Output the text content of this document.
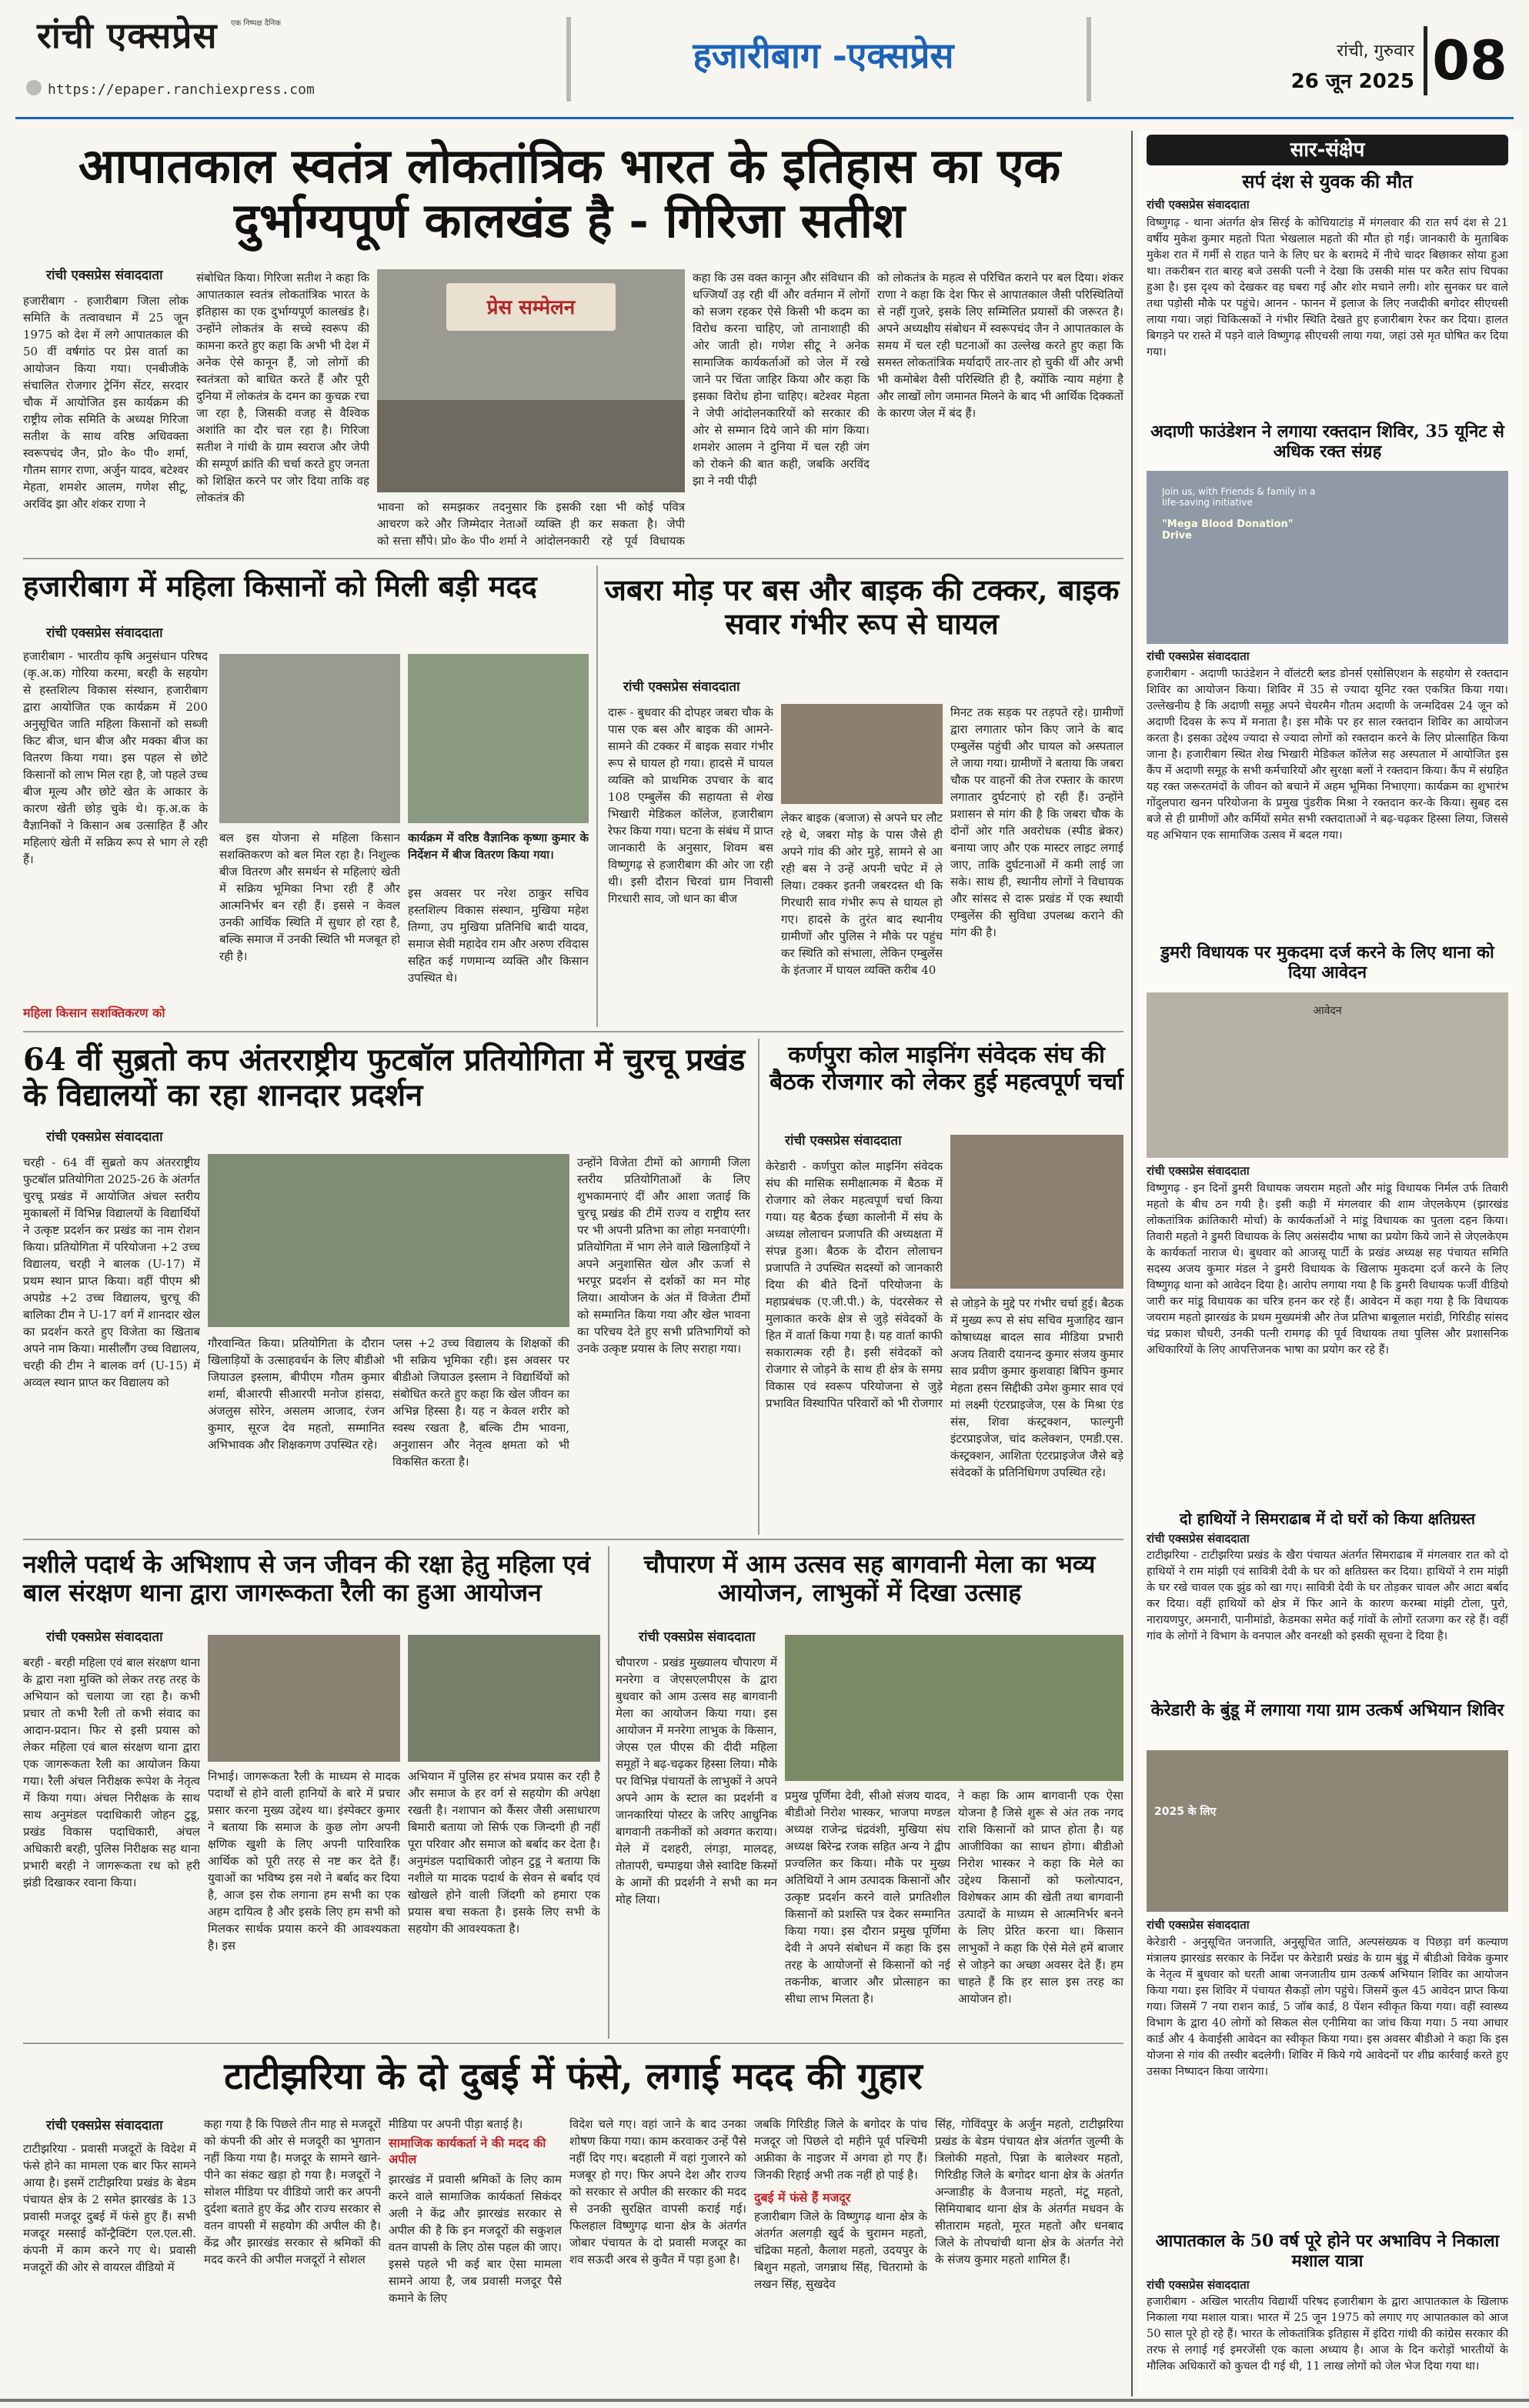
रांची एक्सप्रेस एक निष्पक्ष दैनिक
https://epaper.ranchiexpress.com
हजारीबाग -एक्सप्रेस	रांची, गुरुवार
26 जून 2025 08
आपातकाल स्वतंत्र लोकतांत्रिक भारत के इतिहास का एक दुर्भाग्यपूर्ण कालखंड है - गिरिजा सतीश
रांची एक्सप्रेस संवाददाता
हजारीबाग - हजारीबाग जिला लोक समिति के तत्वावधान में 25 जून 1975 को देश में लगे आपातकाल की 50 वीं वर्षगांठ पर प्रेस वार्ता का आयोजन किया गया। एनबीजीके संचालित रोजगार ट्रेनिंग सेंटर, सरदार चौक में आयोजित इस कार्यक्रम की राष्ट्रीय लोक समिति के अध्यक्ष गिरिजा सतीश के साथ वरिष्ठ अधिवक्ता स्वरूपचंद जैन, प्रो० के० पी० शर्मा, गौतम सागर राणा, अर्जुन यादव, बटेश्वर मेहता, शमशेर आलम, गणेश सीटू, अरविंद झा और शंकर राणा ने
संबोधित किया। गिरिजा सतीश ने कहा कि आपातकाल स्वतंत्र लोकतांत्रिक भारत के इतिहास का एक दुर्भाग्यपूर्ण कालखंड है। उन्होंने लोकतंत्र के सच्चे स्वरूप की कामना करते हुए कहा कि अभी भी देश में अनेक ऐसे कानून हैं, जो लोगों की स्वतंत्रता को बाधित करते हैं और पूरी दुनिया में लोकतंत्र के दमन का कुचक्र रचा जा रहा है, जिसकी वजह से वैश्विक अशांति का दौर चल रहा है। गिरिजा सतीश ने गांधी के ग्राम स्वराज और जेपी की सम्पूर्ण क्रांति की चर्चा करते हुए जनता को शिक्षित करने पर जोर दिया ताकि वह लोकतंत्र की
प्रेस सम्मेलन
भावना को समझकर तदनुसार आचरण करे और जिम्मेदार नेताओं को सत्ता सौंपे। प्रो० के० पी० शर्मा ने
कि इसकी रक्षा भी कोई पवित्र व्यक्ति ही कर सकता है। जेपी आंदोलनकारी रहे पूर्व विधायक
कहा कि उस वक्त कानून और संविधान की धज्जियाँ उड़ रही थीं और वर्तमान में लोगों को सजग रहकर ऐसे किसी भी कदम का विरोध करना चाहिए, जो तानाशाही की ओर जाती हो। गणेश सीटू ने अनेक सामाजिक कार्यकर्ताओं को जेल में रखे जाने पर चिंता जाहिर किया और कहा कि इसका विरोध होना चाहिए। बटेश्वर मेहता ने जेपी आंदोलनकारियों को सरकार की ओर से सम्मान दिये जाने की मांग किया। शमशेर आलम ने दुनिया में चल रही जंग को रोकने की बात कही, जबकि अरविंद झा ने नयी पीढ़ी
को लोकतंत्र के महत्व से परिचित कराने पर बल दिया। शंकर राणा ने कहा कि देश फिर से आपातकाल जैसी परिस्थितियों से नहीं गुजरे, इसके लिए सम्मिलित प्रयासों की जरूरत है। अपने अध्यक्षीय संबोधन में स्वरूपचंद जैन ने आपातकाल के समय में चल रही घटनाओं का उल्लेख करते हुए कहा कि समस्त लोकतांत्रिक मर्यादाएँ तार-तार हो चुकी थीं और अभी भी कमोबेश वैसी परिस्थिति ही है, क्योंकि न्याय महंगा है और लाखों लोग जमानत मिलने के बाद भी आर्थिक दिक्कतों के कारण जेल में बंद हैं।
हजारीबाग में महिला किसानों को मिली बड़ी मदद
रांची एक्सप्रेस संवाददाता
हजारीबाग - भारतीय कृषि अनुसंधान परिषद (कृ.अ.क) गोरिया करमा, बरही के सहयोग से हस्तशिल्प विकास संस्थान, हजारीबाग द्वारा आयोजित एक कार्यक्रम में 200 अनुसूचित जाति महिला किसानों को सब्जी किट बीज, धान बीज और मक्का बीज का वितरण किया गया। इस पहल से छोटे किसानों को लाभ मिल रहा है, जो पहले उच्च बीज मूल्य और छोटे खेत के आकार के कारण खेती छोड़ चुके थे। कृ.अ.क के वैज्ञानिकों ने किसान अब उत्साहित हैं और महिलाएं खेती में सक्रिय रूप से भाग ले रही हैं।
महिला किसान सशक्तिकरण को
बल इस योजना से महिला किसान सशक्तिकरण को बल मिल रहा है। निशुल्क बीज वितरण और समर्थन से महिलाएं खेती में सक्रिय भूमिका निभा रही हैं और आत्मनिर्भर बन रही हैं। इससे न केवल उनकी आर्थिक स्थिति में सुधार हो रहा है, बल्कि समाज में उनकी स्थिति भी मजबूत हो रही है।
कार्यक्रम में वरिष्ठ वैज्ञानिक कृष्णा कुमार के निर्देशन में बीज वितरण किया गया।
इस अवसर पर नरेश ठाकुर सचिव हस्तशिल्प विकास संस्थान, मुखिया महेश तिग्गा, उप मुखिया प्रतिनिधि बादी यादव, समाज सेवी महादेव राम और अरुण रविदास सहित कई गणमान्य व्यक्ति और किसान उपस्थित थे।
जबरा मोड़ पर बस और बाइक की टक्कर, बाइक सवार गंभीर रूप से घायल
रांची एक्सप्रेस संवाददाता
दारू - बुधवार की दोपहर जबरा चौक के पास एक बस और बाइक की आमने-सामने की टक्कर में बाइक सवार गंभीर रूप से घायल हो गया। हादसे में घायल व्यक्ति को प्राथमिक उपचार के बाद 108 एम्बुलेंस की सहायता से शेख भिखारी मेडिकल कॉलेज, हजारीबाग रेफर किया गया। घटना के संबंध में प्राप्त जानकारी के अनुसार, शिवम बस विष्णुगढ़ से हजारीबाग की ओर जा रही थी। इसी दौरान चिरवां ग्राम निवासी गिरधारी साव, जो धान का बीज
लेकर बाइक (बजाज) से अपने घर लौट रहे थे, जबरा मोड़ के पास जैसे ही अपने गांव की ओर मुड़े, सामने से आ रही बस ने उन्हें अपनी चपेट में ले लिया। टक्कर इतनी जबरदस्त थी कि गिरधारी साव गंभीर रूप से घायल हो गए। हादसे के तुरंत बाद स्थानीय ग्रामीणों और पुलिस ने मौके पर पहुंच कर स्थिति को संभाला, लेकिन एम्बुलेंस के इंतजार में घायल व्यक्ति करीब 40
मिनट तक सड़क पर तड़पते रहे। ग्रामीणों द्वारा लगातार फोन किए जाने के बाद एम्बुलेंस पहुंची और घायल को अस्पताल ले जाया गया। ग्रामीणों ने बताया कि जबरा चौक पर वाहनों की तेज रफ्तार के कारण लगातार दुर्घटनाएं हो रही हैं। उन्होंने प्रशासन से मांग की है कि जबरा चौक के दोनों ओर गति अवरोधक (स्पीड ब्रेकर) बनाया जाए और एक मास्टर लाइट लगाई जाए, ताकि दुर्घटनाओं में कमी लाई जा सके। साथ ही, स्थानीय लोगों ने विधायक और सांसद से दारू प्रखंड में एक स्थायी एम्बुलेंस की सुविधा उपलब्ध कराने की मांग की है।
64 वीं सुब्रतो कप अंतरराष्ट्रीय फुटबॉल प्रतियोगिता में चुरचू प्रखंड के विद्यालयों का रहा शानदार प्रदर्शन
रांची एक्सप्रेस संवाददाता
चरही - 64 वीं सुब्रतो कप अंतरराष्ट्रीय फुटबॉल प्रतियोगिता 2025-26 के अंतर्गत चुरचू प्रखंड में आयोजित अंचल स्तरीय मुकाबलों में विभिन्न विद्यालयों के विद्यार्थियों ने उत्कृष्ट प्रदर्शन कर प्रखंड का नाम रोशन किया। प्रतियोगिता में परियोजना +2 उच्च विद्यालय, चरही ने बालक (U-17) में प्रथम स्थान प्राप्त किया। वहीं पीएम श्री अपग्रेड +2 उच्च विद्यालय, चुरचू की बालिका टीम ने U-17 वर्ग में शानदार खेल का प्रदर्शन करते हुए विजेता का खिताब अपने नाम किया। मासीलौंग उच्च विद्यालय, चरही की टीम ने बालक वर्ग (U-15) में अव्वल स्थान प्राप्त कर विद्यालय को
गौरवान्वित किया। प्रतियोगिता के दौरान खिलाड़ियों के उत्साहवर्धन के लिए बीडीओ जियाउल इस्लाम, बीपीएम गौतम कुमार शर्मा, बीआरपी सीआरपी मनोज हांसदा, अंजलुस सोरेन, असलम आजाद, रंजन कुमार, सूरज देव महतो, सम्मानित अभिभावक और शिक्षकगण उपस्थित रहे।
प्लस +2 उच्च विद्यालय के शिक्षकों की भी सक्रिय भूमिका रही। इस अवसर पर बीडीओ जियाउल इस्लाम ने विद्यार्थियों को संबोधित करते हुए कहा कि खेल जीवन का अभिन्न हिस्सा है। यह न केवल शरीर को स्वस्थ रखता है, बल्कि टीम भावना, अनुशासन और नेतृत्व क्षमता को भी विकसित करता है।
उन्होंने विजेता टीमों को आगामी जिला स्तरीय प्रतियोगिताओं के लिए शुभकामनाएं दीं और आशा जताई कि चुरचू प्रखंड की टीमें राज्य व राष्ट्रीय स्तर पर भी अपनी प्रतिभा का लोहा मनवाएंगी। प्रतियोगिता में भाग लेने वाले खिलाड़ियों ने अपने अनुशासित खेल और ऊर्जा से भरपूर प्रदर्शन से दर्शकों का मन मोह लिया। आयोजन के अंत में विजेता टीमों को सम्मानित किया गया और खेल भावना का परिचय देते हुए सभी प्रतिभागियों को उनके उत्कृष्ट प्रयास के लिए सराहा गया।
कर्णपुरा कोल माइनिंग संवेदक संघ की बैठक रोजगार को लेकर हुई महत्वपूर्ण चर्चा
रांची एक्सप्रेस संवाददाता
केरेडारी - कर्णपुरा कोल माइनिंग संवेदक संघ की मासिक समीक्षात्मक में बैठक में रोजगार को लेकर महत्वपूर्ण चर्चा किया गया। यह बैठक ईच्छा कालोनी में संघ के अध्यक्ष लोलाचन प्रजापति की अध्यक्षता में संपन्न हुआ। बैठक के दौरान लोलाचन प्रजापति ने उपस्थित सदस्यों को जानकारी दिया की बीते दिनों परियोजना के महाप्रबंधक (ए.जी.पी.) के, पंदरसेकर से मुलाकात करके क्षेत्र से जुड़े संवेदकों के हित में वार्ता किया गया है। यह वार्ता काफी सकारात्मक रही है। इसी संवेदकों को रोजगार से जोड़ने के साथ ही क्षेत्र के समग्र विकास एवं स्वरूप परियोजना से जुड़े प्रभावित विस्थापित परिवारों को भी रोजगार
से जोड़ने के मुद्दे पर गंभीर चर्चा हुई। बैठक में मुख्य रूप से संघ सचिव मुजाहिद खान कोषाध्यक्ष बादल साव मीडिया प्रभारी अजय तिवारी दयानन्द कुमार संजय कुमार साव प्रवीण कुमार कुशवाहा बिपिन कुमार मेहता हसन सिद्दीकी उमेश कुमार साव एवं मां लक्ष्मी एंटरप्राइजेज, एस के मिश्रा एंड संस, शिवा कंस्ट्रक्शन, फाल्गुनी इंटरप्राइजेज, चांद कलेक्शन, एमडी.एस. कंस्ट्रक्शन, आशिता एंटरप्राइजेज जैसे बड़े संवेदकों के प्रतिनिधिगण उपस्थित रहे।
नशीले पदार्थ के अभिशाप से जन जीवन की रक्षा हेतु महिला एवं बाल संरक्षण थाना द्वारा जागरूकता रैली का हुआ आयोजन
रांची एक्सप्रेस संवाददाता
बरही - बरही महिला एवं बाल संरक्षण थाना के द्वारा नशा मुक्ति को लेकर तरह तरह के अभियान को चलाया जा रहा है। कभी प्रचार तो कभी रैली तो कभी संवाद का आदान-प्रदान। फिर से इसी प्रयास को लेकर महिला एवं बाल संरक्षण थाना द्वारा एक जागरूकता रैली का आयोजन किया गया। रैली अंचल निरीक्षक रूपेश के नेतृत्व में किया गया। अंचल निरीक्षक के साथ साथ अनुमंडल पदाधिकारी जोहन टुडू, प्रखंड विकास पदाधिकारी, अंचल अधिकारी बरही, पुलिस निरीक्षक सह थाना प्रभारी बरही ने जागरूकता रथ को हरी झंडी दिखाकर रवाना किया।
निभाई। जागरूकता रैली के माध्यम से मादक पदार्थों से होने वाली हानियों के बारे में प्रचार प्रसार करना मुख्य उद्देश्य था। इंस्पेक्टर कुमार ने बताया कि समाज के कुछ लोग अपनी क्षणिक खुशी के लिए अपनी पारिवारिक आर्थिक को पूरी तरह से नष्ट कर देते हैं। युवाओं का भविष्य इस नशे ने बर्बाद कर दिया है, आज इस रोक लगाना हम सभी का एक अहम दायित्व है और इसके लिए हम सभी को मिलकर सार्थक प्रयास करने की आवश्यकता है। इस
अभियान में पुलिस हर संभव प्रयास कर रही है और समाज के हर वर्ग से सहयोग की अपेक्षा रखती है। नशापान को कैंसर जैसी असाधारण बिमारी बताया जो सिर्फ एक जिन्दगी ही नहीं पूरा परिवार और समाज को बर्बाद कर देता है। अनुमंडल पदाधिकारी जोहन टुडू ने बताया कि नशीले या मादक पदार्थ के सेवन से बर्बाद एवं खोखले होने वाली जिंदगी को हमारा एक प्रयास बचा सकता है। इसके लिए सभी के सहयोग की आवश्यकता है।
चौपारण में आम उत्सव सह बागवानी मेला का भव्य आयोजन, लाभुकों में दिखा उत्साह
रांची एक्सप्रेस संवाददाता
चौपारण - प्रखंड मुख्यालय चौपारण में मनरेगा व जेएसएलपीएस के द्वारा बुधवार को आम उत्सव सह बागवानी मेला का आयोजन किया गया। इस आयोजन में मनरेगा लाभुक के किसान, जेएस एल पीएस की दीदी महिला समूहों ने बढ़-चढ़कर हिस्सा लिया। मौके पर विभिन्न पंचायतों के लाभुकों ने अपने अपने आम के स्टाल का प्रदर्शनी व जानकारियां पोस्टर के जरिए आधुनिक बागवानी तकनीकों को अवगत कराया। मेले में दशहरी, लंगड़ा, मालदह, तोतापरी, चम्पाइया जैसे स्वादिष्ट किस्मों के आमों की प्रदर्शनी ने सभी का मन मोह लिया।
प्रमुख पूर्णिमा देवी, सीओ संजय यादव, बीडीओ निरोश भास्कर, भाजपा मण्डल अध्यक्ष राजेन्द्र चंद्रवंशी, मुखिया संघ अध्यक्ष बिरेन्द्र रजक सहित अन्य ने द्वीप प्रज्वलित कर किया। मौके पर मुख्य अतिथियों ने आम उत्पादक किसानों और उत्कृष्ट प्रदर्शन करने वाले प्रगतिशील किसानों को प्रशस्ति पत्र देकर सम्मानित किया गया। इस दौरान प्रमुख पूर्णिमा देवी ने अपने संबोधन में कहा कि इस तरह के आयोजनों से किसानों को नई तकनीक, बाजार और प्रोत्साहन का सीधा लाभ मिलता है।
ने कहा कि आम बागवानी एक ऐसा योजना है जिसे शुरू से अंत तक नगद राशि किसानों को प्राप्त होता है। यह आजीविका का साधन होगा। बीडीओ निरोश भास्कर ने कहा कि मेले का उद्देश्य किसानों को फलोत्पादन, विशेषकर आम की खेती तथा बागवानी उत्पादों के माध्यम से आत्मनिर्भर बनने के लिए प्रेरित करना था। किसान लाभुकों ने कहा कि ऐसे मेले हमें बाजार से जोड़ने का अच्छा अवसर देते हैं। हम चाहते हैं कि हर साल इस तरह का आयोजन हो।
टाटीझरिया के दो दुबई में फंसे, लगाई मदद की गुहार
रांची एक्सप्रेस संवाददाता
टाटीझरिया - प्रवासी मजदूरों के विदेश में फंसे होने का मामला एक बार फिर सामने आया है। इसमें टाटीझरिया प्रखंड के बेडम पंचायत क्षेत्र के 2 समेत झारखंड के 13 प्रवासी मजदूर दुबई में फंसे हुए हैं। सभी मजदूर मस्साई कॉन्ट्रैक्टिंग एल.एल.सी. कंपनी में काम करने गए थे। प्रवासी मजदूरों की ओर से वायरल वीडियो में
कहा गया है कि पिछले तीन माह से मजदूरों को कंपनी की ओर से मजदूरी का भुगतान नहीं किया गया है। मजदूर के सामने खाने-पीने का संकट खड़ा हो गया है। मजदूरों ने सोशल मीडिया पर वीडियो जारी कर अपनी दुर्दशा बताते हुए केंद्र और राज्य सरकार से वतन वापसी में सहयोग की अपील की है। केंद्र और झारखंड सरकार से श्रमिकों की मदद करने की अपील मजदूरों ने सोशल
मीडिया पर अपनी पीड़ा बताई है।
सामाजिक कार्यकर्ता ने की मदद की अपील
झारखंड में प्रवासी श्रमिकों के लिए काम करने वाले सामाजिक कार्यकर्ता सिकंदर अली ने केंद्र और झारखंड सरकार से अपील की है कि इन मजदूरों की सकुशल वतन वापसी के लिए ठोस पहल की जाए। इससे पहले भी कई बार ऐसा मामला सामने आया है, जब प्रवासी मजदूर पैसे कमाने के लिए
विदेश चले गए। वहां जाने के बाद उनका शोषण किया गया। काम करवाकर उन्हें पैसे नहीं दिए गए। बदहाली में वहां गुजारने को मजबूर हो गए। फिर अपने देश और राज्य को सरकार से अपील की सरकार की मदद से उनकी सुरक्षित वापसी कराई गई। फिलहाल विष्णुगढ़ थाना क्षेत्र के अंतर्गत जोबार पंचायत के दो प्रवासी मजदूर का शव सऊदी अरब से कुवैत में पड़ा हुआ है।
जबकि गिरिडीह जिले के बगोदर के पांच मजदूर जो पिछले दो महीने पूर्व पश्चिमी अफ्रीका के नाइजर में अगवा हो गए हैं। जिनकी रिहाई अभी तक नहीं हो पाई है।
दुबई में फंसे हैं मजदूर
हजारीबाग जिले के विष्णुगढ़ थाना क्षेत्र के अंतर्गत अलगड़ी खुर्द के चुरामन महतो, चंद्रिका महतो, कैलाश महतो, उदयपुर के बिशुन महतो, जगन्नाथ सिंह, चितरामो के लखन सिंह, सुखदेव
सिंह, गोविंदपुर के अर्जुन महतो, टाटीझरिया प्रखंड के बेडम पंचायत क्षेत्र अंतर्गत जुल्मी के त्रिलोकी महतो, पिन्ना के बालेश्वर महतो, गिरिडीह जिले के बगोदर थाना क्षेत्र के अंतर्गत अन्जाडीह के वैजनाथ महतो, मंटू महतो, सिमियाबाद थाना क्षेत्र के अंतर्गत मधवन के सीताराम महतो, मूरत महतो और धनबाद जिले के तोपचांची थाना क्षेत्र के अंतर्गत नेरो के संजय कुमार महतो शामिल हैं।
सार-संक्षेप
सर्प दंश से युवक की मौत
रांची एक्सप्रेस संवाददाता
विष्णुगढ़ - थाना अंतर्गत क्षेत्र सिरई के कोचियाटांड़ में मंगलवार की रात सर्प दंश से 21 वर्षीय मुकेश कुमार महतो पिता भेखलाल महतो की मौत हो गई। जानकारी के मुताबिक मुकेश रात में गर्मी से राहत पाने के लिए घर के बरामदे में नीचे चादर बिछाकर सोया हुआ था। तकरीबन रात बारह बजे उसकी पत्नी ने देखा कि उसकी मांस पर करैत सांप चिपका हुआ है। इस दृश्य को देखकर वह घबरा गई और शोर मचाने लगी। शोर सुनकर घर वाले तथा पड़ोसी मौके पर पहुंचे। आनन - फानन में इलाज के लिए नजदीकी बगोदर सीएचसी लाया गया। जहां चिकित्सकों ने गंभीर स्थिति देखते हुए हजारीबाग रेफर कर दिया। हालत बिगड़ने पर रास्ते में पड़ने वाले विष्णुगढ़ सीएचसी लाया गया, जहां उसे मृत घोषित कर दिया गया।
अदाणी फाउंडेशन ने लगाया रक्तदान शिविर, 35 यूनिट से अधिक रक्त संग्रह
Join us, with Friends & family in a life-saving initiative
"Mega Blood Donation" Drive
रांची एक्सप्रेस संवाददाता
हजारीबाग - अदाणी फाउंडेशन ने वॉलंटरी ब्लड डोनर्स एसोसिएशन के सहयोग से रक्तदान शिविर का आयोजन किया। शिविर में 35 से ज्यादा यूनिट रक्त एकत्रित किया गया। उल्लेखनीय है कि अदाणी समूह अपने चेयरमैन गौतम अदाणी के जन्मदिवस 24 जून को अदाणी दिवस के रूप में मनाता है। इस मौके पर हर साल रक्तदान शिविर का आयोजन करता है। इसका उद्देश्य ज्यादा से ज्यादा लोगों को रक्तदान करने के लिए प्रोत्साहित किया जाना है। हजारीबाग स्थित शेख भिखारी मेडिकल कॉलेज सह अस्पताल में आयोजित इस कैंप में अदाणी समूह के सभी कर्मचारियों और सुरक्षा बलों ने रक्तदान किया। कैंप में संग्रहित यह रक्त जरूरतमंदों के जीवन को बचाने में अहम भूमिका निभाएगा। कार्यक्रम का शुभारंभ गोंदुलपारा खनन परियोजना के प्रमुख पुंडरीक मिश्रा ने रक्तदान कर-के किया। सुबह दस बजे से ही ग्रामीणों और कर्मियों समेत सभी रक्तदाताओं ने बढ़-चढ़कर हिस्सा लिया, जिससे यह अभियान एक सामाजिक उत्सव में बदल गया।
डुमरी विधायक पर मुकदमा दर्ज करने के लिए थाना को दिया आवेदन
आवेदन
रांची एक्सप्रेस संवाददाता
विष्णुगढ़ - इन दिनों डुमरी विधायक जयराम महतो और मांडू विधायक निर्मल उर्फ तिवारी महतो के बीच ठन गयी है। इसी कड़ी में मंगलवार की शाम जेएलकेएम (झारखंड लोकतांत्रिक क्रांतिकारी मोर्चा) के कार्यकर्ताओं ने मांडू विधायक का पुतला दहन किया। तिवारी महतो ने डुमरी विधायक के लिए असंसदीय भाषा का प्रयोग किये जाने से जेएलकेएम के कार्यकर्ता नाराज थे। बुधवार को आजसू पार्टी के प्रखंड अध्यक्ष सह पंचायत समिति सदस्य अजय कुमार मंडल ने डुमरी विधायक के खिलाफ मुकदमा दर्ज करने के लिए विष्णुगढ़ थाना को आवेदन दिया है। आरोप लगाया गया है कि डुमरी विधायक फर्जी वीडियो जारी कर मांडू विधायक का चरित्र हनन कर रहे हैं। आवेदन में कहा गया है कि विधायक जयराम महतो झारखंड के प्रथम मुख्यमंत्री और तेज प्रतिभा बाबूलाल मरांडी, गिरिडीह सांसद चंद्र प्रकाश चौधरी, उनकी पत्नी रामगढ़ की पूर्व विधायक तथा पुलिस और प्रशासनिक अधिकारियों के लिए आपत्तिजनक भाषा का प्रयोग कर रहे हैं।
दो हाथियों ने सिमराढाब में दो घरों को किया क्षतिग्रस्त
रांची एक्सप्रेस संवाददाता
टाटीझरिया - टाटीझरिया प्रखंड के खैरा पंचायत अंतर्गत सिमराढाब में मंगलवार रात को दो हाथियों ने राम मांझी एवं सावित्री देवी के घर को क्षतिग्रस्त कर दिया। हाथियों ने राम मांझी के घर रखे चावल एक झुंड को खा गए। सावित्री देवी के घर तोड़कर चावल और आटा बर्बाद कर दिया। वहीं हाथियों को क्षेत्र में फिर आने के कारण करम्बा मांझी टोला, पुरो, नारायणपुर, अमनारी, पानीमांडो, केडमका समेत कई गांवों के लोगों रतजगा कर रहे हैं। वहीं गांव के लोगों ने विभाग के वनपाल और वनरक्षी को इसकी सूचना दे दिया है।
केरेडारी के बुंडू में लगाया गया ग्राम उत्कर्ष अभियान शिविर
2025 के लिए
रांची एक्सप्रेस संवाददाता
केरेडारी - अनुसूचित जनजाति, अनुसूचित जाति, अल्पसंख्यक व पिछड़ा वर्ग कल्याण मंत्रालय झारखंड सरकार के निर्देश पर केरेडारी प्रखंड के ग्राम बुंडू में बीडीओ विवेक कुमार के नेतृत्व में बुधवार को धरती आबा जनजातीय ग्राम उत्कर्ष अभियान शिविर का आयोजन किया गया। इस शिविर में पंचायत सैकड़ों लोग पहुंचे। जिसमें कुल 45 आवेदन प्राप्त किया गया। जिसमें 7 नया राशन कार्ड, 5 जॉब कार्ड, 8 पेंशन स्वीकृत किया गया। वहीं स्वास्थ्य विभाग के द्वारा 40 लोगों को सिकल सेल एनीमिया का जांच किया गया। 5 नया आधार कार्ड और 4 केवाईसी आवेदन का स्वीकृत किया गया। इस अवसर बीडीओ ने कहा कि इस योजना से गांव की तस्वीर बदलेगी। शिविर में किये गये आवेदनों पर शीघ्र कार्रवाई करते हुए उसका निष्पादन किया जायेगा।
आपातकाल के 50 वर्ष पूरे होने पर अभाविप ने निकाला मशाल यात्रा
रांची एक्सप्रेस संवाददाता
हजारीबाग - अखिल भारतीय विद्यार्थी परिषद हजारीबाग के द्वारा आपातकाल के खिलाफ निकाला गया मशाल यात्रा। भारत में 25 जून 1975 को लगाए गए आपातकाल को आज 50 साल पूरे हो रहे हैं। भारत के लोकतांत्रिक इतिहास में इंदिरा गांधी की कांग्रेस सरकार की तरफ से लगाई गई इमरजेंसी एक काला अध्याय है। आज के दिन करोड़ों भारतीयों के मौलिक अधिकारों को कुचल दी गई थी, 11 लाख लोगों को जेल भेज दिया गया था।
